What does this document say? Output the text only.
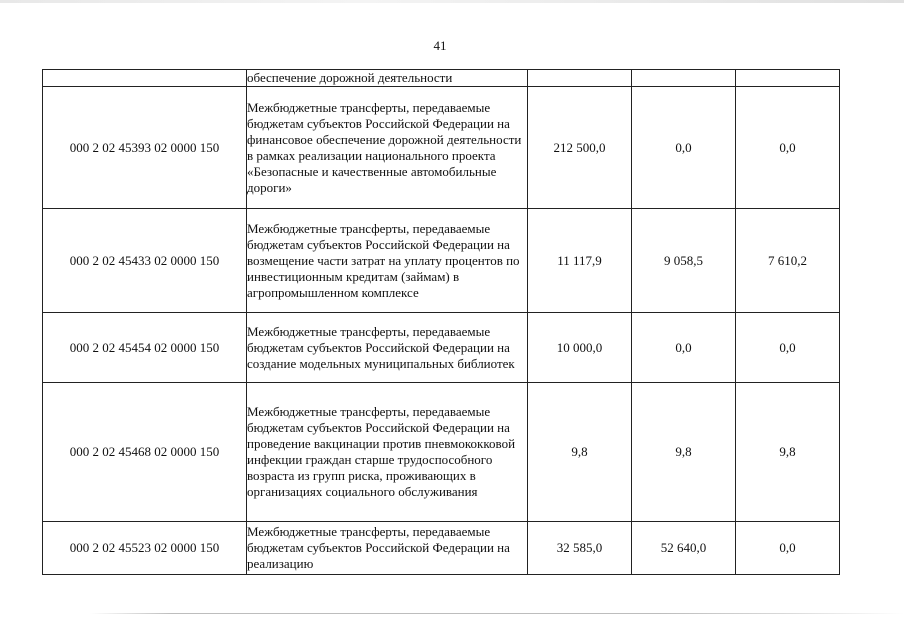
41
	обеспечение дорожной деятельности			
000 2 02 45393 02 0000 150	Межбюджетные трансферты, передаваемые бюджетам субъектов Российской Федерации на финансовое обеспечение дорожной деятельности в рамках реализации национального проекта «Безопасные и качественные автомобильные дороги»	212 500,0	0,0	0,0
000 2 02 45433 02 0000 150	Межбюджетные трансферты, передаваемые бюджетам субъектов Российской Федерации на возмещение части затрат на уплату процентов по инвестиционным кредитам (займам) в агропромышленном комплексе	11 117,9	9 058,5	7 610,2
000 2 02 45454 02 0000 150	Межбюджетные трансферты, передаваемые бюджетам субъектов Российской Федерации на создание модельных муниципальных библиотек	10 000,0	0,0	0,0
000 2 02 45468 02 0000 150	Межбюджетные трансферты, передаваемые бюджетам субъектов Российской Федерации на проведение вакцинации против пневмококковой инфекции граждан старше трудоспособного возраста из групп риска, проживающих в организациях социального обслуживания	9,8	9,8	9,8
000 2 02 45523 02 0000 150	Межбюджетные трансферты, передаваемые бюджетам субъектов Российской Федерации на реализацию	32 585,0	52 640,0	0,0
